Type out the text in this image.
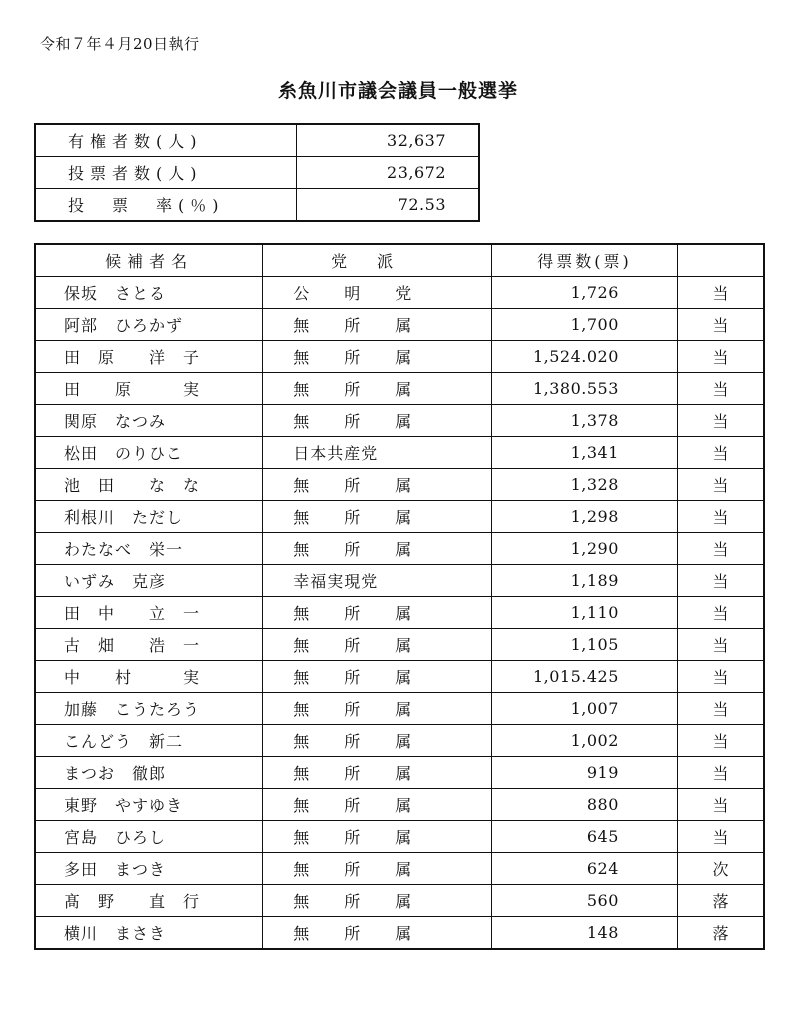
令和７年４月20日執行
糸魚川市議会議員一般選挙
有権者数(人)	32,637
投票者数(人)	23,672
投　票　率(％)	72.53
候補者名	党派	得票数(票)	
保坂　さとる	公　　明　　党	1,726	当
阿部　ひろかず	無　　所　　属	1,700	当
田　原　　洋　子	無　　所　　属	1,524.020	当
田　　原　　　実	無　　所　　属	1,380.553	当
関原　なつみ	無　　所　　属	1,378	当
松田　のりひこ	日本共産党	1,341	当
池　田　　な　な	無　　所　　属	1,328	当
利根川　ただし	無　　所　　属	1,298	当
わたなべ　栄一	無　　所　　属	1,290	当
いずみ　克彦	幸福実現党	1,189	当
田　中　　立　一	無　　所　　属	1,110	当
古　畑　　浩　一	無　　所　　属	1,105	当
中　　村　　　実	無　　所　　属	1,015.425	当
加藤　こうたろう	無　　所　　属	1,007	当
こんどう　新二	無　　所　　属	1,002	当
まつお　徹郎	無　　所　　属	919	当
東野　やすゆき	無　　所　　属	880	当
宮島　ひろし	無　　所　　属	645	当
多田　まつき	無　　所　　属	624	次
髙　野　　直　行	無　　所　　属	560	落
横川　まさき	無　　所　　属	148	落
